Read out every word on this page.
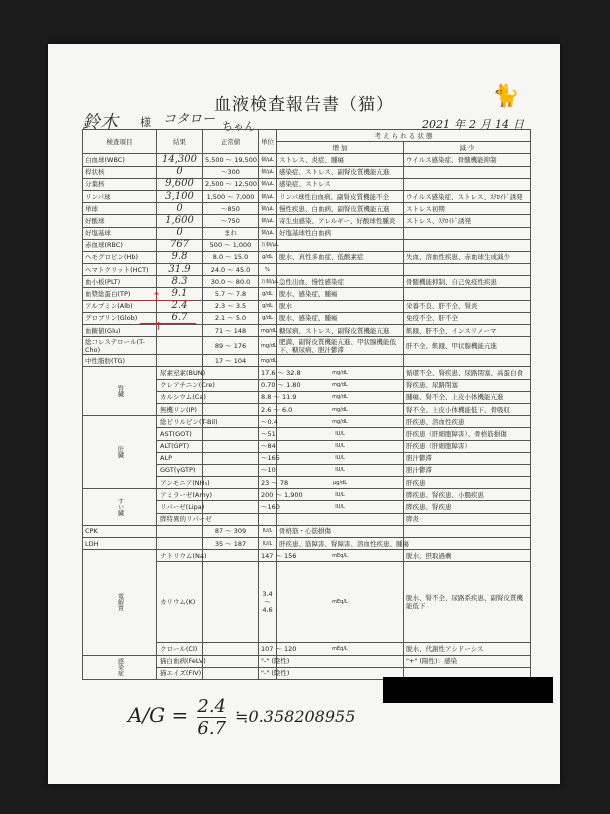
血液検査報告書（猫）	🐈
鈴木 様 コタロー ちゃん	2021 年 2 月 14 日
検査項目	結果	正常値	単位	考 え ら れ る 状 態		
				増 加	減 少	
白血球(WBC)	14,300	5,500 〜 19,500	個/μL	ストレス、炎症、腫瘍	ウイルス感染症、骨髄機能抑制	
桿状核	0	〜300	個/μL	感染症、ストレス、副腎皮質機能亢進		
分葉核	9,600	2,500 〜 12,500	個/μL	感染症、ストレス		
リンパ球	3,100	1,500 〜 7,000	個/μL	リンパ球性白血病、副腎皮質機能不全	ウイルス感染症、ストレス、ｽﾃﾛｲﾄﾞ誘発	
単球	0	〜850	個/μL	慢性疾患、白血病、副腎皮質機能亢進	ストレス初期	
好酸球	1,600	〜750	個/μL	寄生虫感染、アレルギー、好酸球性腫炎	ストレス、ｽﾃﾛｲﾄﾞ誘発	
好塩基球	0	まれ	個/μL	好塩基球性白血病		
赤血球(RBC)	767	500 〜 1,000	万個/μL			
ヘモグロビン(Hb)	9.8	8.0 〜 15.0	g/dL	脱水、真性多血症、低酸素症	失血、溶血性疾患、赤血球生成減少	
ヘマトクリット(HCT)	31.9	24.0 〜 45.0	%			
血小板(PLT)	8.3	30.0 〜 80.0	万個/μL	急性出血、慢性感染症	骨髄機能抑制、自己免疫性疾患	
血漿総蛋白(TP)	9.1	5.7 〜 7.8	g/dL	脱水、感染症、腫瘍		
アルブミン(Alb)	2.4	2.3 〜 3.5	g/dL	脱水	栄養不良、肝不全、腎炎	
グロブリン(Glob)	6.7	2.1 〜 5.0	g/dL	脱水、感染症、腫瘍	免疫不全、肝不全	
血糖値(Glu)		71 〜 148	mg/dL	糖尿病、ストレス、副腎皮質機能亢進	飢餓、肝不全、インスリノーマ	
総コレステロール(T-Cho)		89 〜 176	mg/dL	肥満、副腎皮質機能亢進、甲状腺機能低下、糖尿病、胆汁鬱滞	肝不全、飢餓、甲状腺機能亢進	
中性脂肪(TG)		17 〜 104	mg/dL			
腎臓	尿素窒素(BUN)		17.6 〜 32.8	mg/dL	循環不全、腎疾患、尿路閉塞、高蛋白食	
	クレアチニン(Cre)		0.70 〜 1.80	mg/dL	腎疾患、尿路閉塞	
	カルシウム(Ca)		8.8 〜 11.9	mg/dL	腫瘍、腎不全、上皮小体機能亢進	
	無機リン(IP)		2.6 〜 6.0	mg/dL	腎不全、上皮小体機能低下、骨吸収	
肝臓	総ビリルビン(T-Bil)		〜0.4	mg/dL	肝疾患、溶血性疾患	
	AST(GOT)		〜51	IU/L	肝疾患（肝細胞障害）、骨格筋損傷	
	ALT(GPT)		〜84	IU/L	肝疾患（肝細胞障害）	
	ALP		〜165	IU/L	胆汁鬱滞	
	GGT(γGTP)		〜10	IU/L	胆汁鬱滞	
	アンモニア(NH₃)		23 〜 78	μg/dL	肝疾患	
すい臓	アミラーゼ(Amy)		200 〜 1,900	IU/L	膵疾患、腎疾患、小腸疾患	
	リパーゼ(Lipa)		〜160	IU/L	膵疾患、腎疾患	
	膵特異的リパーゼ				膵炎	
CPK		87 〜 309	IU/L	骨格筋・心筋損傷		
LDH		35 〜 187	IU/L	肝疾患、筋障害、腎障害、溶血性疾患、腫瘍		
電解質	ナトリウム(Na)		147 〜 156	mEq/L	脱水、摂取過剰	
	カリウム(K)		3.4 〜 4.6	mEq/L	脱水、腎不全、尿路系疾患、副腎皮質機能低下	
	クロール(Cl)		107 〜 120	mEq/L	脱水、代謝性アシドーシス	
感染症	猫白血病(FeLV)		"-" (陰性)		"+" (陽性)：感染	
	猫エイズ(FIV)		"-" (陰性)			
↑
↑
$A/G = \frac{2.4}{6.7}$ ≒0.358208955
